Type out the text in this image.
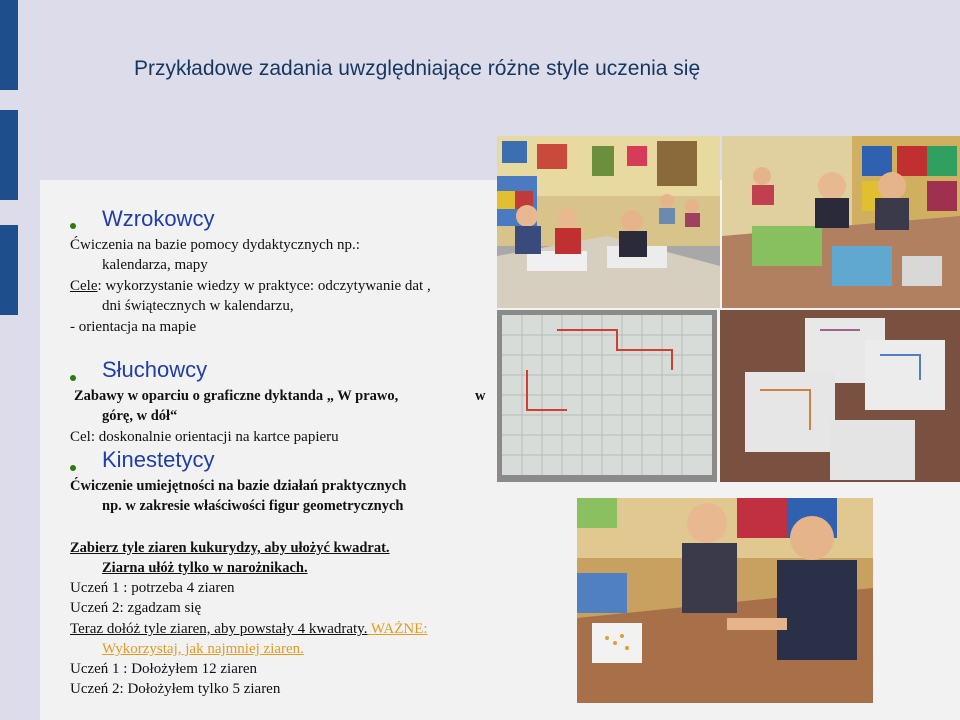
Przykładowe zadania uwzględniające różne style uczenia się
Wzrokowcy
Ćwiczenia na bazie pomocy dydaktycznych np.:
kalendarza, mapy
Cele: wykorzystanie wiedzy w praktyce: odczytywanie dat ,
dni świątecznych w kalendarzu,
- orientacja na mapie
Słuchowcy
Zabawy w oparciu o graficzne dyktanda „ W prawo,	w
górę, w dół“
Cel: doskonalnie orientacji na kartce papieru
Kinestetycy
Ćwiczenie umiejętności na bazie działań praktycznych
np. w zakresie właściwości figur geometrycznych
Zabierz tyle ziaren kukurydzy, aby ułożyć kwadrat.
Ziarna ułóż tylko w narożnikach.
Uczeń 1 : potrzeba 4 ziaren
Uczeń 2: zgadzam się
Teraz dołóż tyle ziaren, aby powstały 4 kwadraty. WAŻNE:
Wykorzystaj, jak najmniej ziaren.
Uczeń 1 : Dołożyłem 12 ziaren
Uczeń 2: Dołożyłem tylko 5 ziaren
